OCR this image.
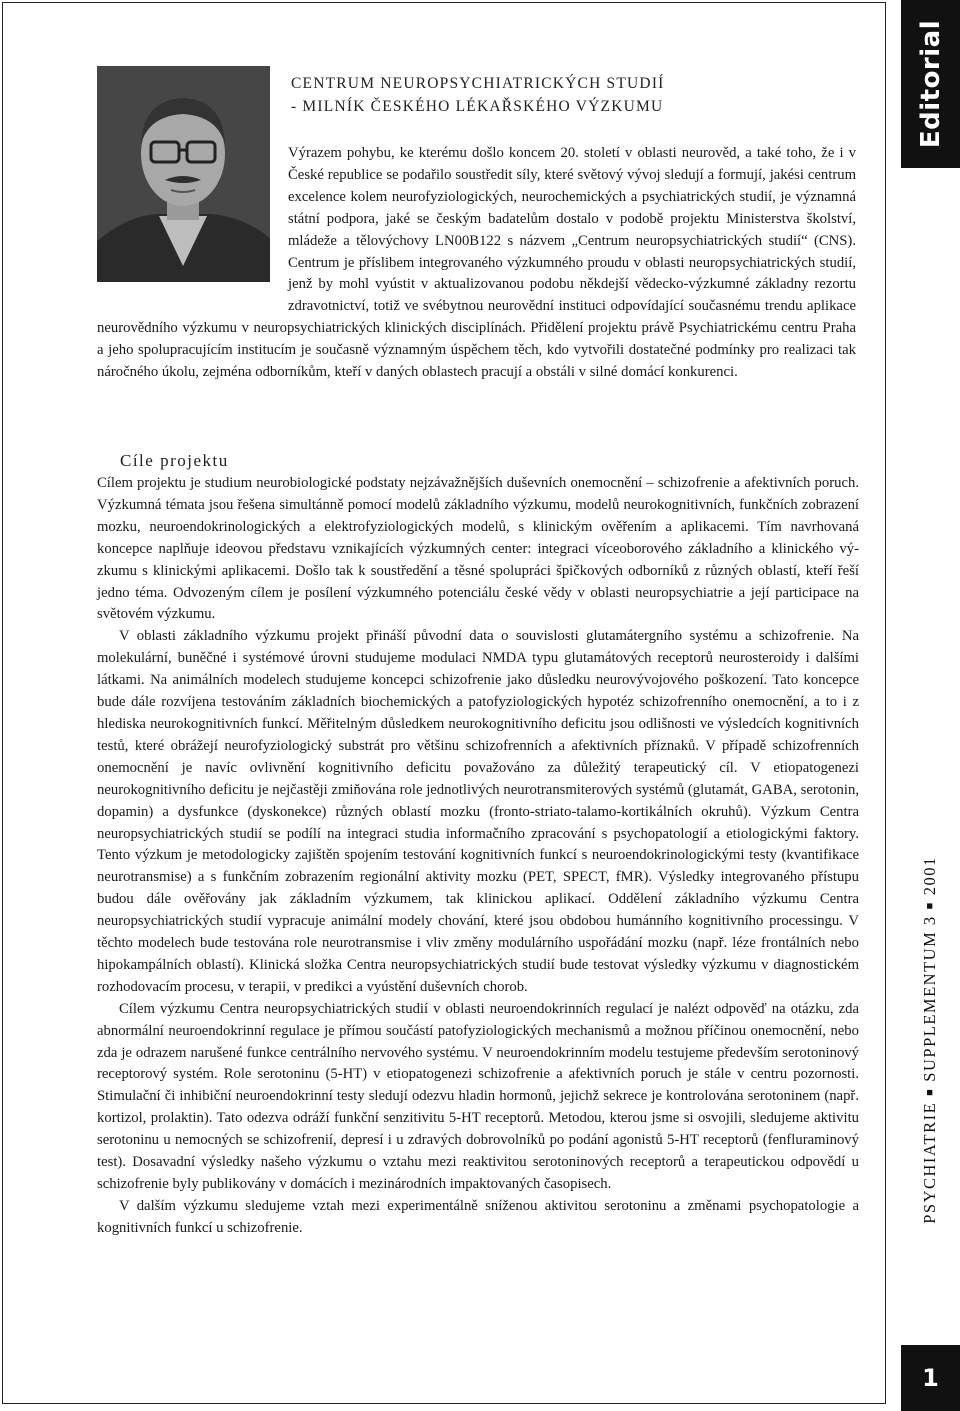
CENTRUM NEUROPSYCHIATRICKÝCH STUDIÍ
- MILNÍK ČESKÉHO LÉKAŘSKÉHO VÝZKUMU

Výrazem pohybu, ke kterému došlo koncem 20. století v oblasti neurověd, a také toho, že i v České republice se podařilo soustředit síly, které světový vývoj sledují a formují, jakési centrum excelence kolem neurofyziologických, neurochemických a psychiatrických studií, je významná státní podpora, jaké se českým badatelům dostalo v podobě projektu Ministerstva školství, mládeže a tělovýchovy LN00B122 s názvem „Centrum neuropsychiatrických studií“ (CNS). Centrum je příslibem integrovaného výzkumného proudu v oblasti neuropsychiatrických studií, jenž by mohl vyústit v aktualizovanou podobu někdejší vědecko-výzkumné základny rezortu zdravotnictví, totiž ve svébytnou neurovědní instituci odpovídající současnému trendu aplikace neurovědního výzkumu v neuropsychiatrických klinických disciplínách. Přidělení projektu právě Psychiatrickému centru Praha a jeho spolupracujícím institucím je současně významným úspěchem těch, kdo vytvořili dostatečné podmínky pro realizaci tak náročného úkolu, zejména odborníkům, kteří v daných oblastech pracují a obstáli v silné domácí konkurenci.

Cíle projektu

Cílem projektu je studium neurobiologické podstaty nejzávažnějších duševních onemocnění – schizofrenie a afektivních poruch. Výzkumná témata jsou řešena simultánně pomocí modelů základního výzkumu, modelů neurokognitivních, funkčních zobrazení mozku, neuroendokrinologických a elektrofyziologických modelů, s klinickým ověřením a aplikacemi. Tím navrhovaná koncepce naplňuje ideovou představu vznikajících výzkumných center: integraci víceoborového základního a klinického výzkumu s klinickými aplikacemi. Došlo tak k soustředění a těsné spolupráci špičkových odborníků z různých oblastí, kteří řeší jedno téma. Odvozeným cílem je posílení výzkumného potenciálu české vědy v oblasti neuropsychiatrie a její participace na světovém výzkumu.

V oblasti základního výzkumu projekt přináší původní data o souvislosti glutamátergního systému a schizofrenie. Na molekulární, buněčné i systémové úrovni studujeme modulaci NMDA typu glutamátových receptorů neurosteroidy i dalšími látkami. Na animálních modelech studujeme koncepci schizofrenie jako důsledku neurovývojového poškození. Tato koncepce bude dále rozvíjena testováním základních biochemických a patofyziologických hypotéz schizofrenního onemocnění, a to i z hlediska neurokognitivních funkcí. Měřitelným důsledkem neurokognitivního deficitu jsou odlišnosti ve výsledcích kognitivních testů, které obrážejí neurofyziologický substrát pro většinu schizofrenních a afektivních příznaků. V případě schizofrenních onemocnění je navíc ovlivnění kognitivního deficitu považováno za důležitý terapeutický cíl. V etiopatogenezi neurokognitivního deficitu je nejčastěji zmiňována role jednotlivých neurotransmiterových systémů (glutamát, GABA, serotonin, dopamin) a dysfunkce (dyskonekce) různých oblastí mozku (fronto-striato-talamo-kortikálních okruhů). Výzkum Centra neuropsychiatrických studií se podílí na integraci studia informačního zpracování s psychopatologií a etiologickými faktory. Tento výzkum je metodologicky zajištěn spojením testování kognitivních funkcí s neuroendokrinologickými testy (kvantifikace neurotransmise) a s funkčním zobrazením regionální aktivity mozku (PET, SPECT, fMR). Výsledky integrovaného přístupu budou dále ověřovány jak základním výzkumem, tak klinickou aplikací. Oddělení základního výzkumu Centra neuropsychiatrických studií vypracuje animální modely chování, které jsou obdobou humánního kognitivního processingu. V těchto modelech bude testována role neurotransmise i vliv změny modulárního uspořádání mozku (např. léze frontálních nebo hipokampálních oblastí). Klinická složka Centra neuropsychiatrických studií bude testovat výsledky výzkumu v diagnostickém rozhodovacím procesu, v terapii, v predikci a vyústění duševních chorob.

Cílem výzkumu Centra neuropsychiatrických studií v oblasti neuroendokrinních regulací je nalézt odpověď na otázku, zda abnormální neuroendokrinní regulace je přímou součástí patofyziologických mechanismů a možnou příčinou onemocnění, nebo zda je odrazem narušené funkce centrálního nervového systému. V neuroendokrinním modelu testujeme především serotoninový receptorový systém. Role serotoninu (5-HT) v etiopatogenezi schizofrenie a afektivních poruch je stále v centru pozornosti. Stimulační či inhibiční neuroendokrinní testy sledují odezvu hladin hormonů, jejichž sekrece je kontrolována serotoninem (např. kortizol, prolaktin). Tato odezva odráží funkční senzitivitu 5-HT receptorů. Metodou, kterou jsme si osvojili, sledujeme aktivitu serotoninu u nemocných se schizofrenií, depresí i u zdravých dobrovolníků po podání agonistů 5-HT receptorů (fenfluraminový test). Dosavadní výsledky našeho výzkumu o vztahu mezi reaktivitou serotoninových receptorů a terapeutickou odpovědí u schizofrenie byly publikovány v domácích i mezinárodních impaktovaných časopisech.

V dalším výzkumu sledujeme vztah mezi experimentálně sníženou aktivitou serotoninu a změnami psychopatologie a kognitivních funkcí u schizofrenie.

Editorial
PSYCHIATRIE■SUPPLEMENTUM 3■2001
1
